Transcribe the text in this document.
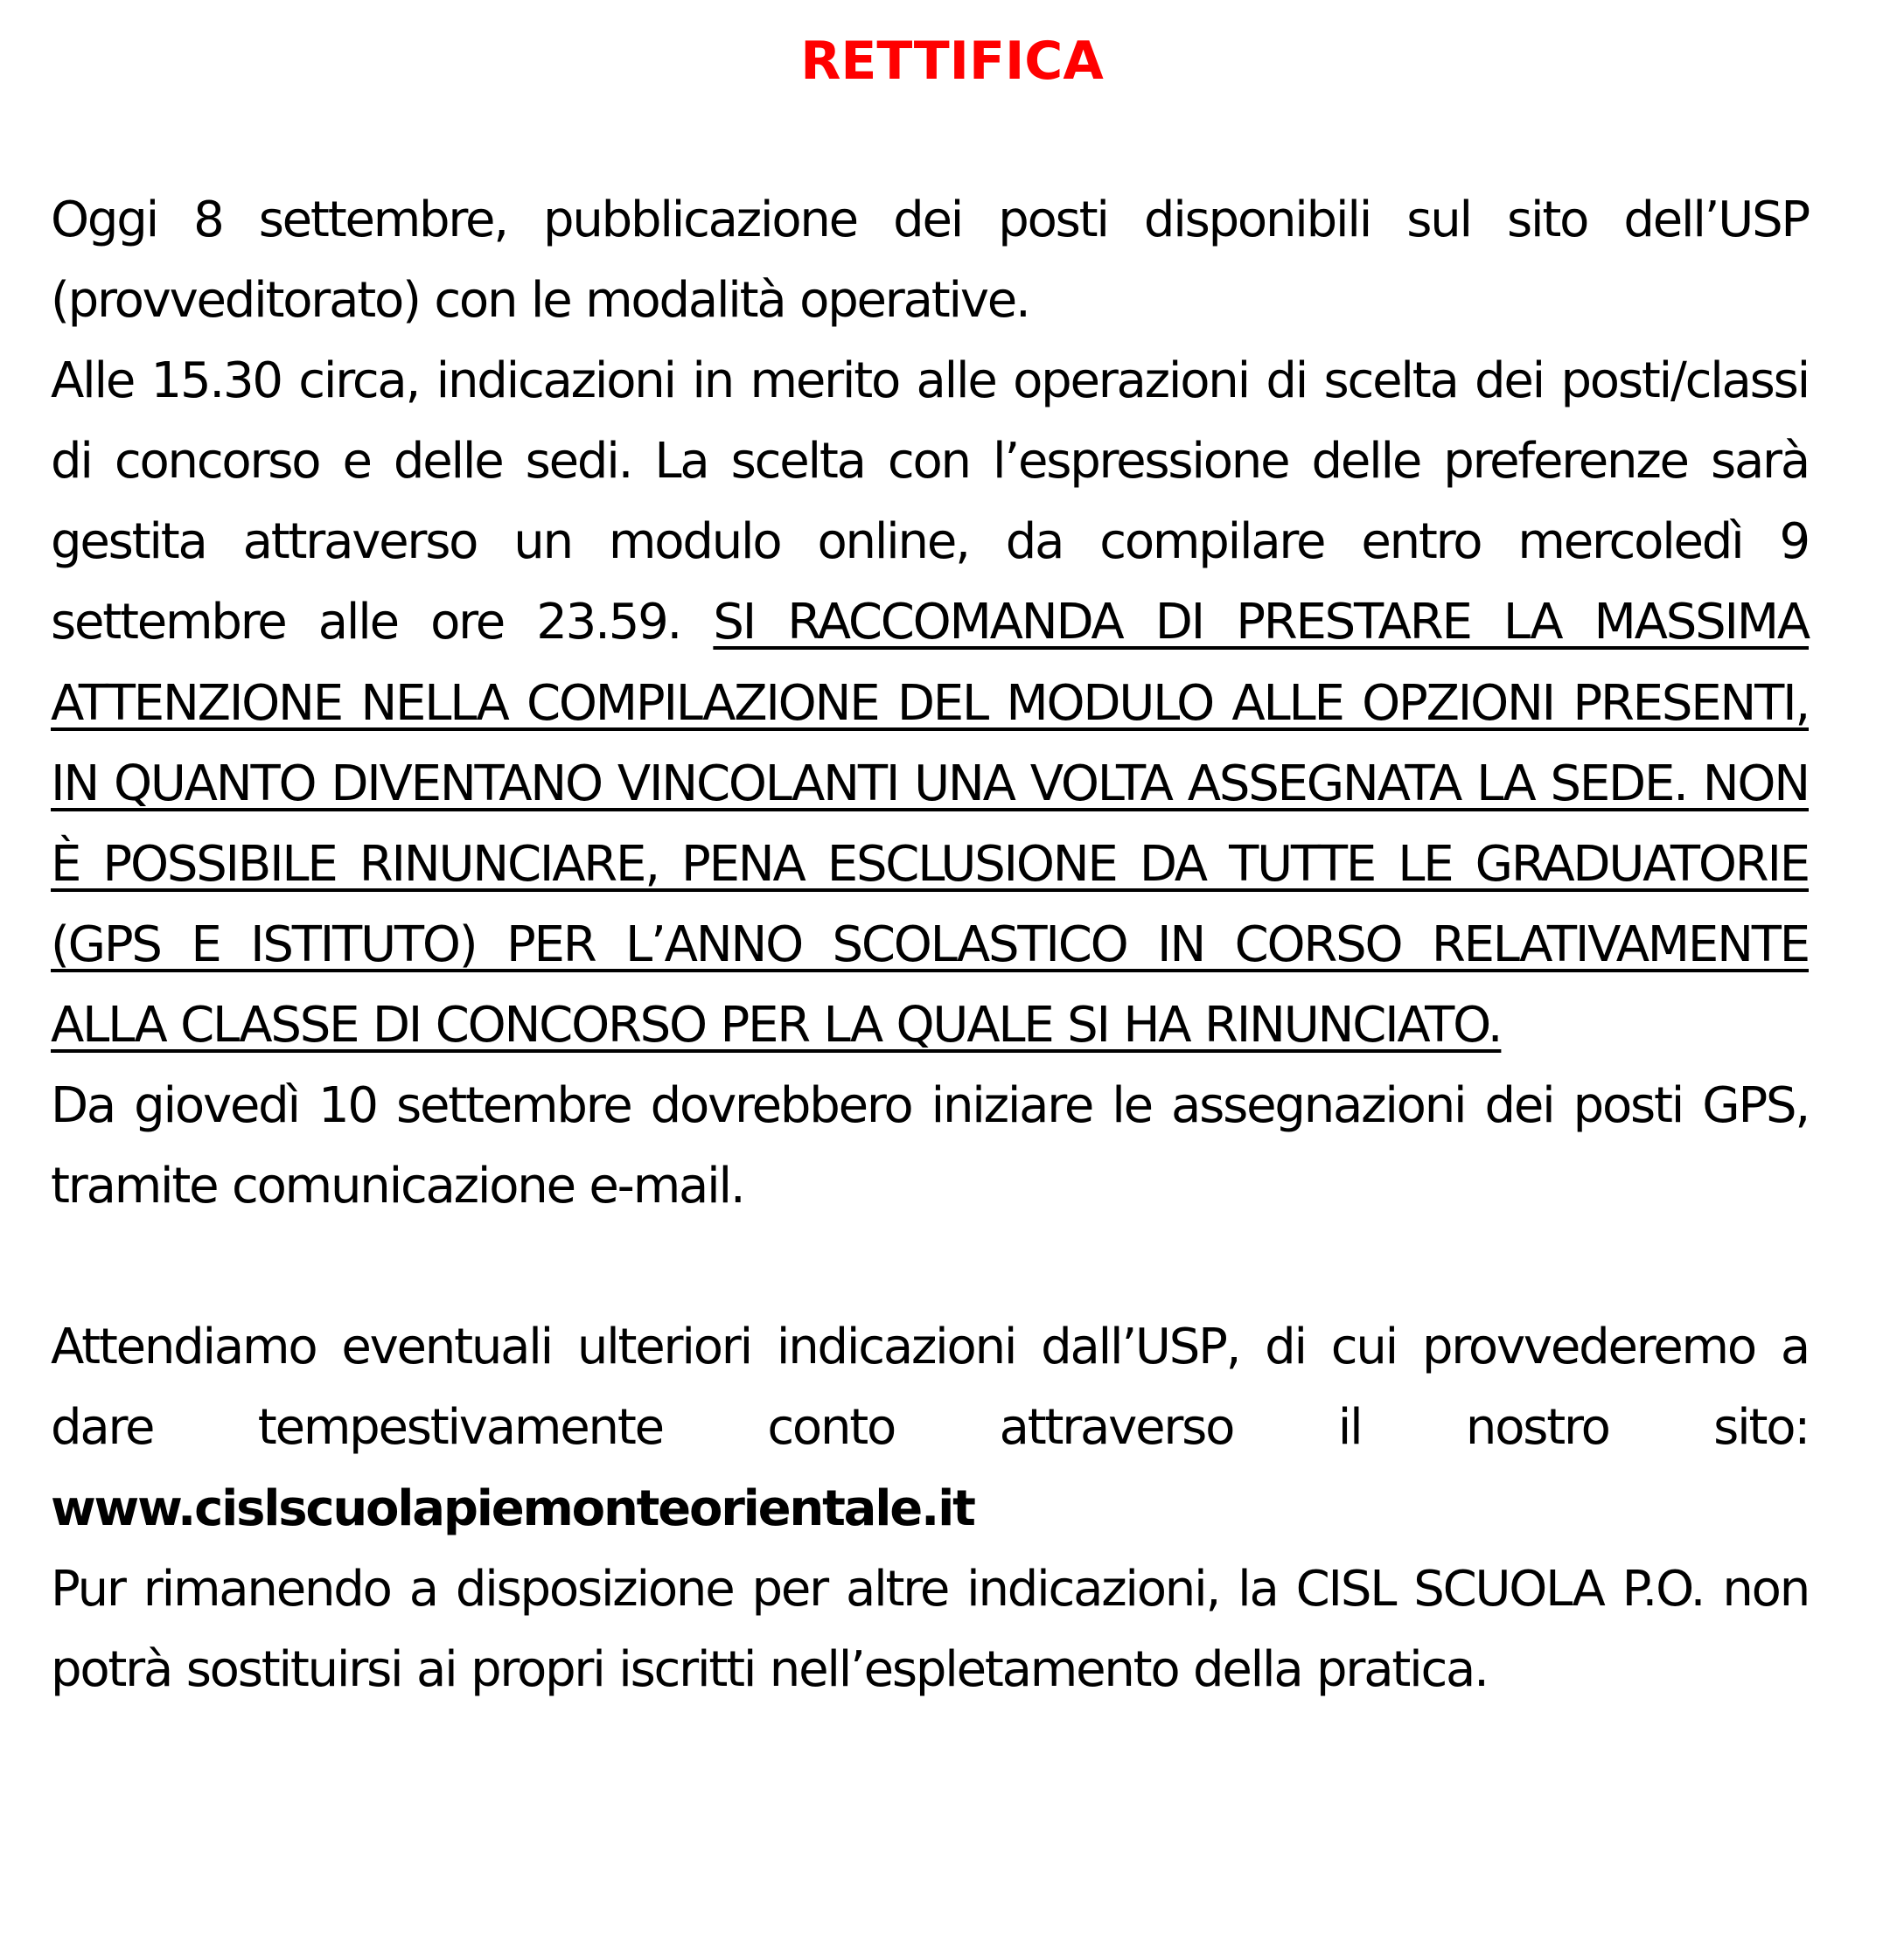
RETTIFICA

Oggi 8 settembre, pubblicazione dei posti disponibili sul sito dell’USP (provveditorato) con le modalità operative.

Alle 15.30 circa, indicazioni in merito alle operazioni di scelta dei posti/classi di concorso e delle sedi. La scelta con l’espressione delle preferenze sarà gestita attraverso un modulo online, da compilare entro mercoledì 9 settembre alle ore 23.59. SI RACCOMANDA DI PRESTARE LA MASSIMA ATTENZIONE NELLA COMPILAZIONE DEL MODULO ALLE OPZIONI PRESENTI, IN QUANTO DIVENTANO VINCOLANTI UNA VOLTA ASSEGNATA LA SEDE. NON È POSSIBILE RINUNCIARE, PENA ESCLUSIONE DA TUTTE LE GRADUATORIE (GPS E ISTITUTO) PER L’ANNO SCOLASTICO IN CORSO RELATIVAMENTE ALLA CLASSE DI CONCORSO PER LA QUALE SI HA RINUNCIATO.

Da giovedì 10 settembre dovrebbero iniziare le assegnazioni dei posti GPS, tramite comunicazione e-mail.

Attendiamo eventuali ulteriori indicazioni dall’USP, di cui provvederemo a dare tempestivamente conto attraverso il nostro sito: www.cislscuolapiemonteorientale.it

Pur rimanendo a disposizione per altre indicazioni, la CISL SCUOLA P.O. non potrà sostituirsi ai propri iscritti nell’espletamento della pratica.
